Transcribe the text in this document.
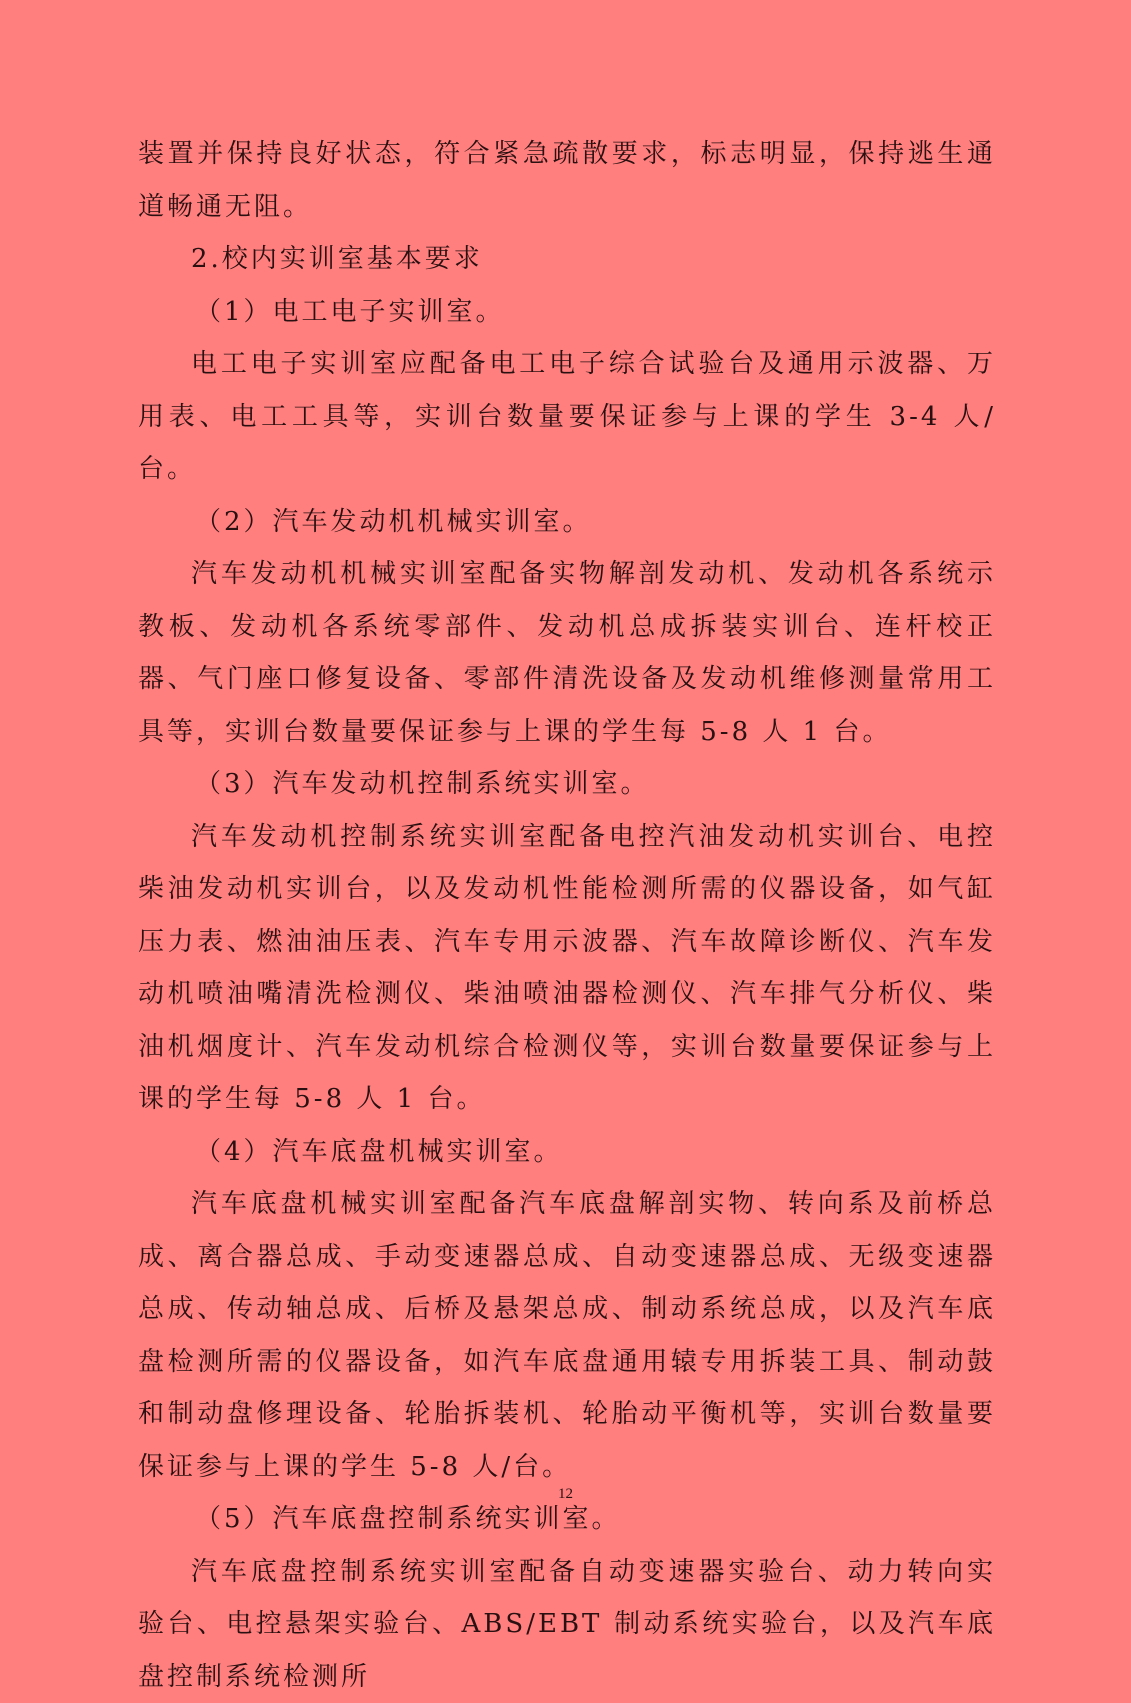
装置并保持良好状态，符合紧急疏散要求，标志明显，保持逃生通道畅通无阻。

2.校内实训室基本要求

（1）电工电子实训室。

电工电子实训室应配备电工电子综合试验台及通用示波器、万用表、电工工具等，实训台数量要保证参与上课的学生 3-4 人/台。

（2）汽车发动机机械实训室。

汽车发动机机械实训室配备实物解剖发动机、发动机各系统示教板、发动机各系统零部件、发动机总成拆装实训台、连杆校正器、气门座口修复设备、零部件清洗设备及发动机维修测量常用工具等，实训台数量要保证参与上课的学生每 5-8 人 1 台。

（3）汽车发动机控制系统实训室。

汽车发动机控制系统实训室配备电控汽油发动机实训台、电控柴油发动机实训台，以及发动机性能检测所需的仪器设备，如气缸压力表、燃油油压表、汽车专用示波器、汽车故障诊断仪、汽车发动机喷油嘴清洗检测仪、柴油喷油器检测仪、汽车排气分析仪、柴油机烟度计、汽车发动机综合检测仪等，实训台数量要保证参与上课的学生每 5-8 人 1 台。

（4）汽车底盘机械实训室。

汽车底盘机械实训室配备汽车底盘解剖实物、转向系及前桥总成、离合器总成、手动变速器总成、自动变速器总成、无级变速器总成、传动轴总成、后桥及悬架总成、制动系统总成，以及汽车底盘检测所需的仪器设备，如汽车底盘通用辕专用拆装工具、制动鼓和制动盘修理设备、轮胎拆装机、轮胎动平衡机等，实训台数量要保证参与上课的学生 5-8 人/台。

（5）汽车底盘控制系统实训室。

汽车底盘控制系统实训室配备自动变速器实验台、动力转向实验台、电控悬架实验台、ABS/EBT 制动系统实验台，以及汽车底盘控制系统检测所

12
